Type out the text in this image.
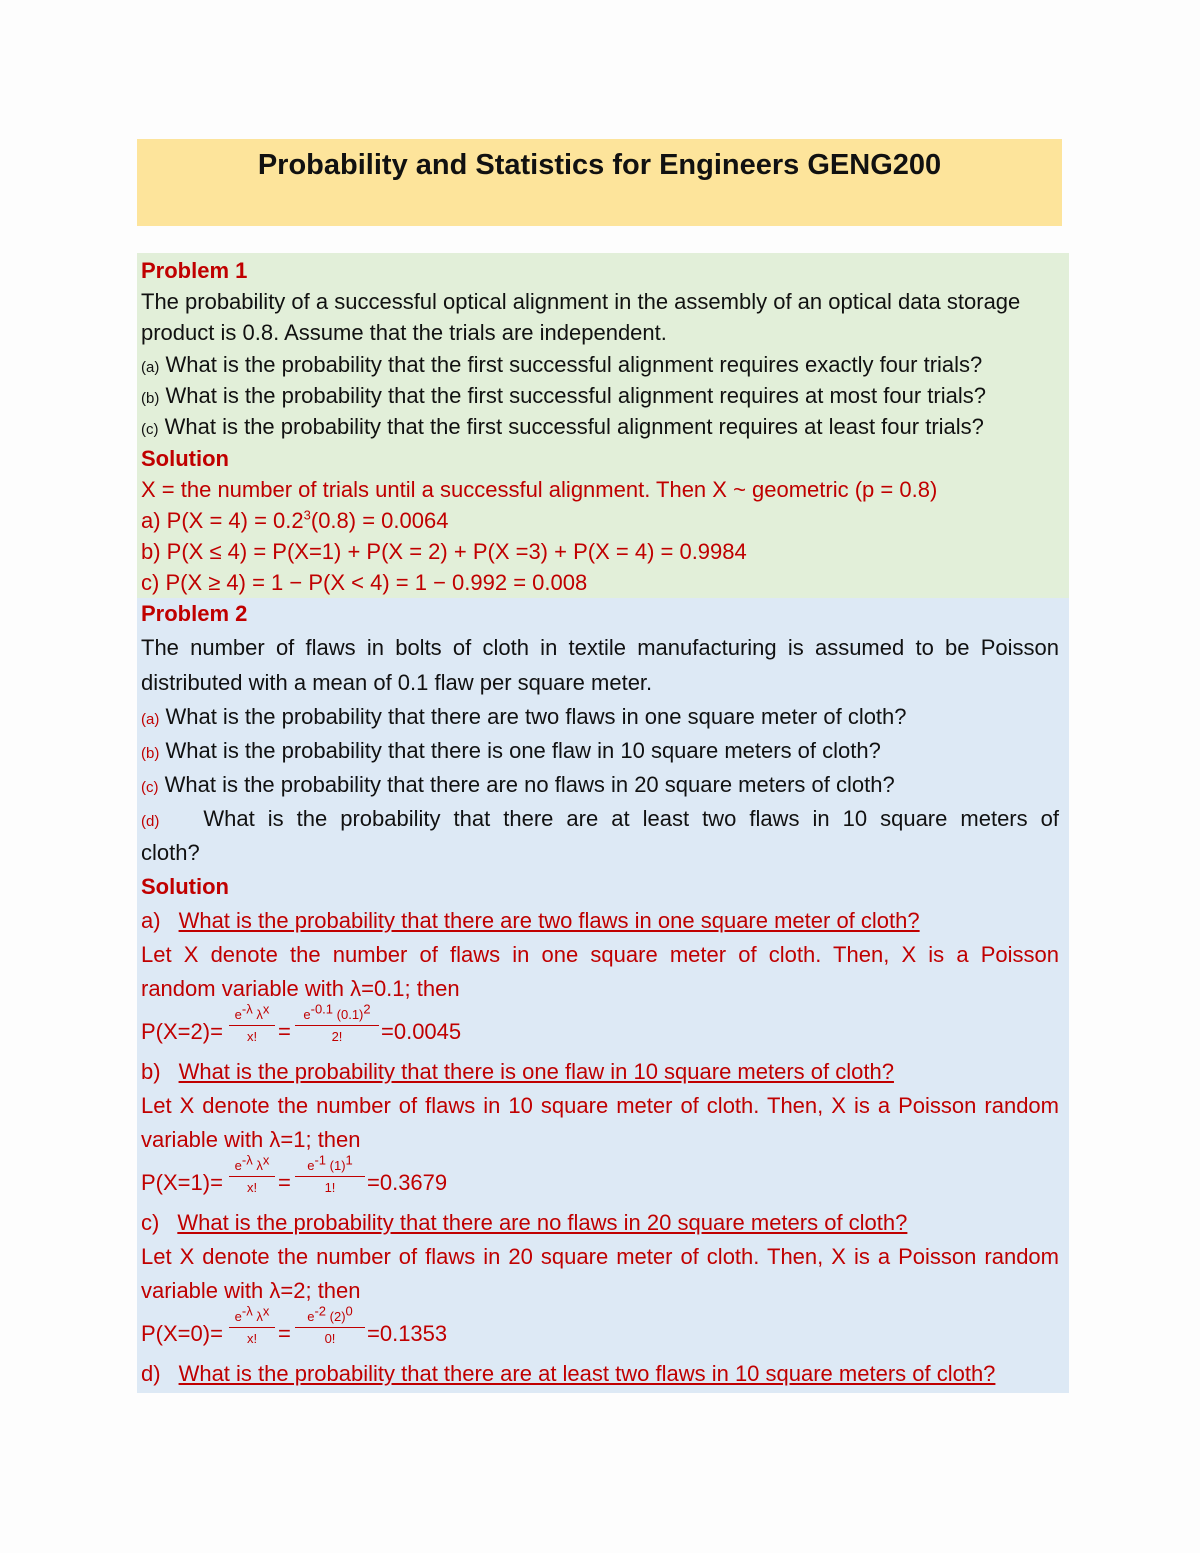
Probability and Statistics for Engineers GENG200
Problem 1
The probability of a successful optical alignment in the assembly of an optical data storage
product is 0.8. Assume that the trials are independent.
(a) What is the probability that the first successful alignment requires exactly four trials?
(b) What is the probability that the first successful alignment requires at most four trials?
(c) What is the probability that the first successful alignment requires at least four trials?
Solution
X = the number of trials until a successful alignment. Then X ~ geometric (p = 0.8)
a) $P(X = 4) = 0.2^3(0.8) = 0.0064$
b) P(X ≤ 4) = P(X=1) + P(X = 2) + P(X =3) + P(X = 4) = 0.9984
c) P(X ≥ 4) = 1 − P(X < 4) = 1 − 0.992 = 0.008
Problem 2
The number of flaws in bolts of cloth in textile manufacturing is assumed to be Poisson
distributed with a mean of 0.1 flaw per square meter.
(a) What is the probability that there are two flaws in one square meter of cloth?
(b) What is the probability that there is one flaw in 10 square meters of cloth?
(c) What is the probability that there are no flaws in 20 square meters of cloth?
(d) What is the probability that there are at least two flaws in 10 square meters of
cloth?
Solution
a) What is the probability that there are two flaws in one square meter of cloth?
Let X denote the number of flaws in one square meter of cloth. Then, X is a Poisson
random variable with λ=0.1; then
P(X=2)=
$e^{-\lambda}$ $\lambda^x$
x! =
$e^{-0.1}$ $(0.1)^2$
2!	=0.0045
b) What is the probability that there is one flaw in 10 square meters of cloth?
Let X denote the number of flaws in 10 square meter of cloth. Then, X is a Poisson random
variable with λ=1; then
P(X=1)=
$e^{-\lambda}$ $\lambda^x$
x! =
$e^{-1}$ $(1)^1$
1!	=0.3679
c) What is the probability that there are no flaws in 20 square meters of cloth?
Let X denote the number of flaws in 20 square meter of cloth. Then, X is a Poisson random
variable with λ=2; then
P(X=0)=
$e^{-\lambda}$ $\lambda^x$
x! =
$e^{-2}$ $(2)^0$
0!	=0.1353
d) What is the probability that there are at least two flaws in 10 square meters of cloth?
